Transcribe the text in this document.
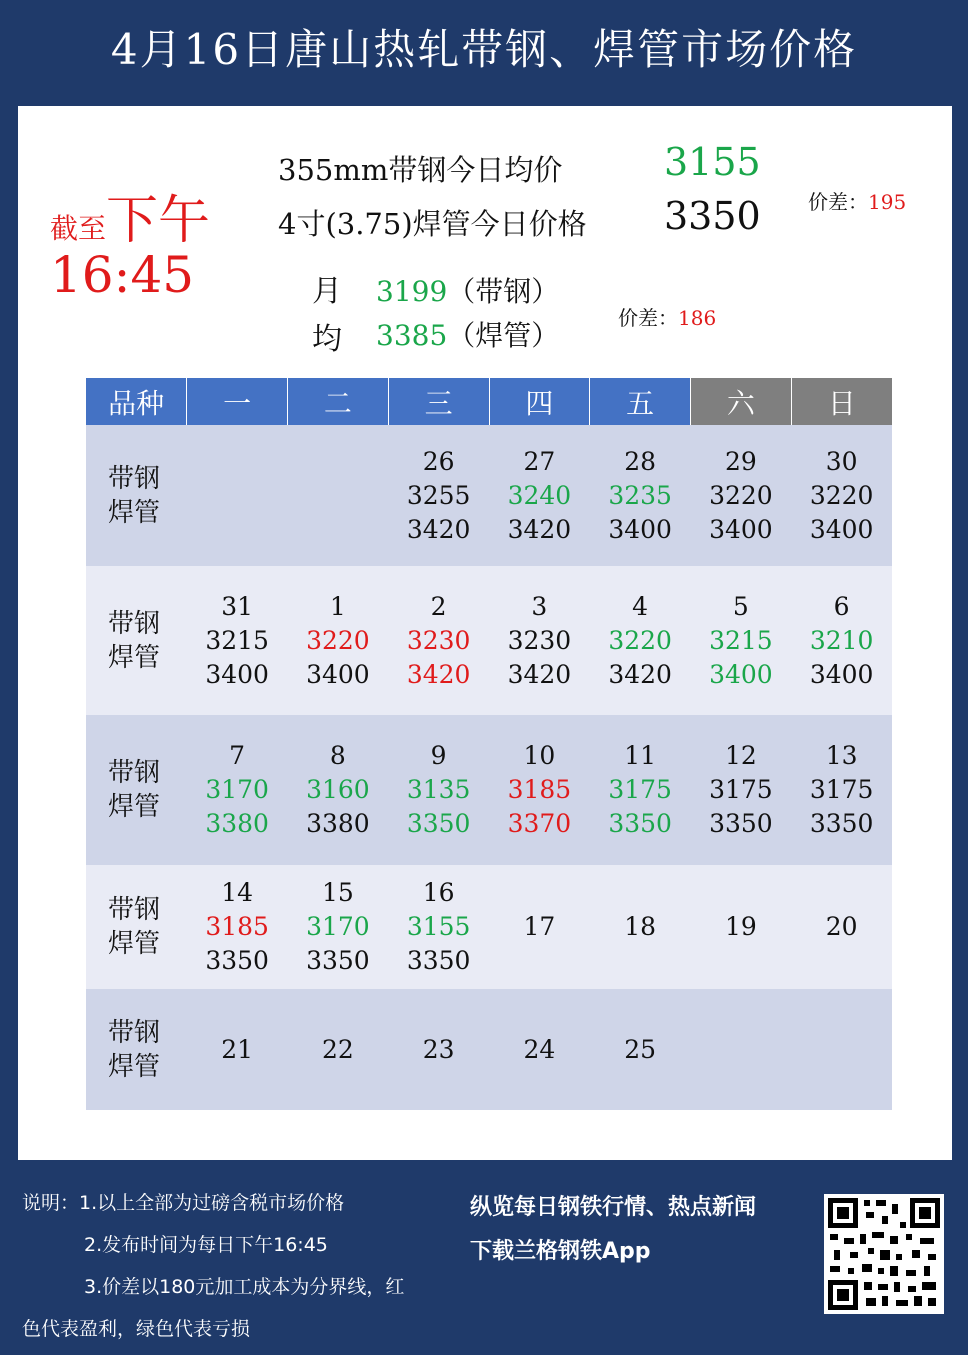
4月16日唐山热轧带钢、焊管市场价格
截至下午
16:45
355mm带钢今日均价	3155
4寸(3.75)焊管今日价格 3350 价差：195
月
均
3199（带钢）
3385（焊管）
价差：186
品种	一	二	三	四	五	六	日

带钢
焊管			26
3255
3420	27
3240
3420	28
3235
3400	29
3220
3400	30
3220
3400

带钢
焊管	31
3215
3400	1
3220
3400	2
3230
3420	3
3230
3420	4
3220
3420	5
3215
3400	6
3210
3400

带钢
焊管	7
3170
3380	8
3160
3380	9
3135
3350	10
3185
3370	11
3175
3350	12
3175
3350	13
3175
3350

带钢
焊管	14
3185
3350	15
3170
3350	16
3155
3350	17	18	19	20

带钢
焊管	21	22	23	24	25		

说明：1.以上全部为过磅含税市场价格
2.发布时间为每日下午16:45
3.价差以180元加工成本为分界线，红
色代表盈利，绿色代表亏损
纵览每日钢铁行情、热点新闻
下载兰格钢铁App
